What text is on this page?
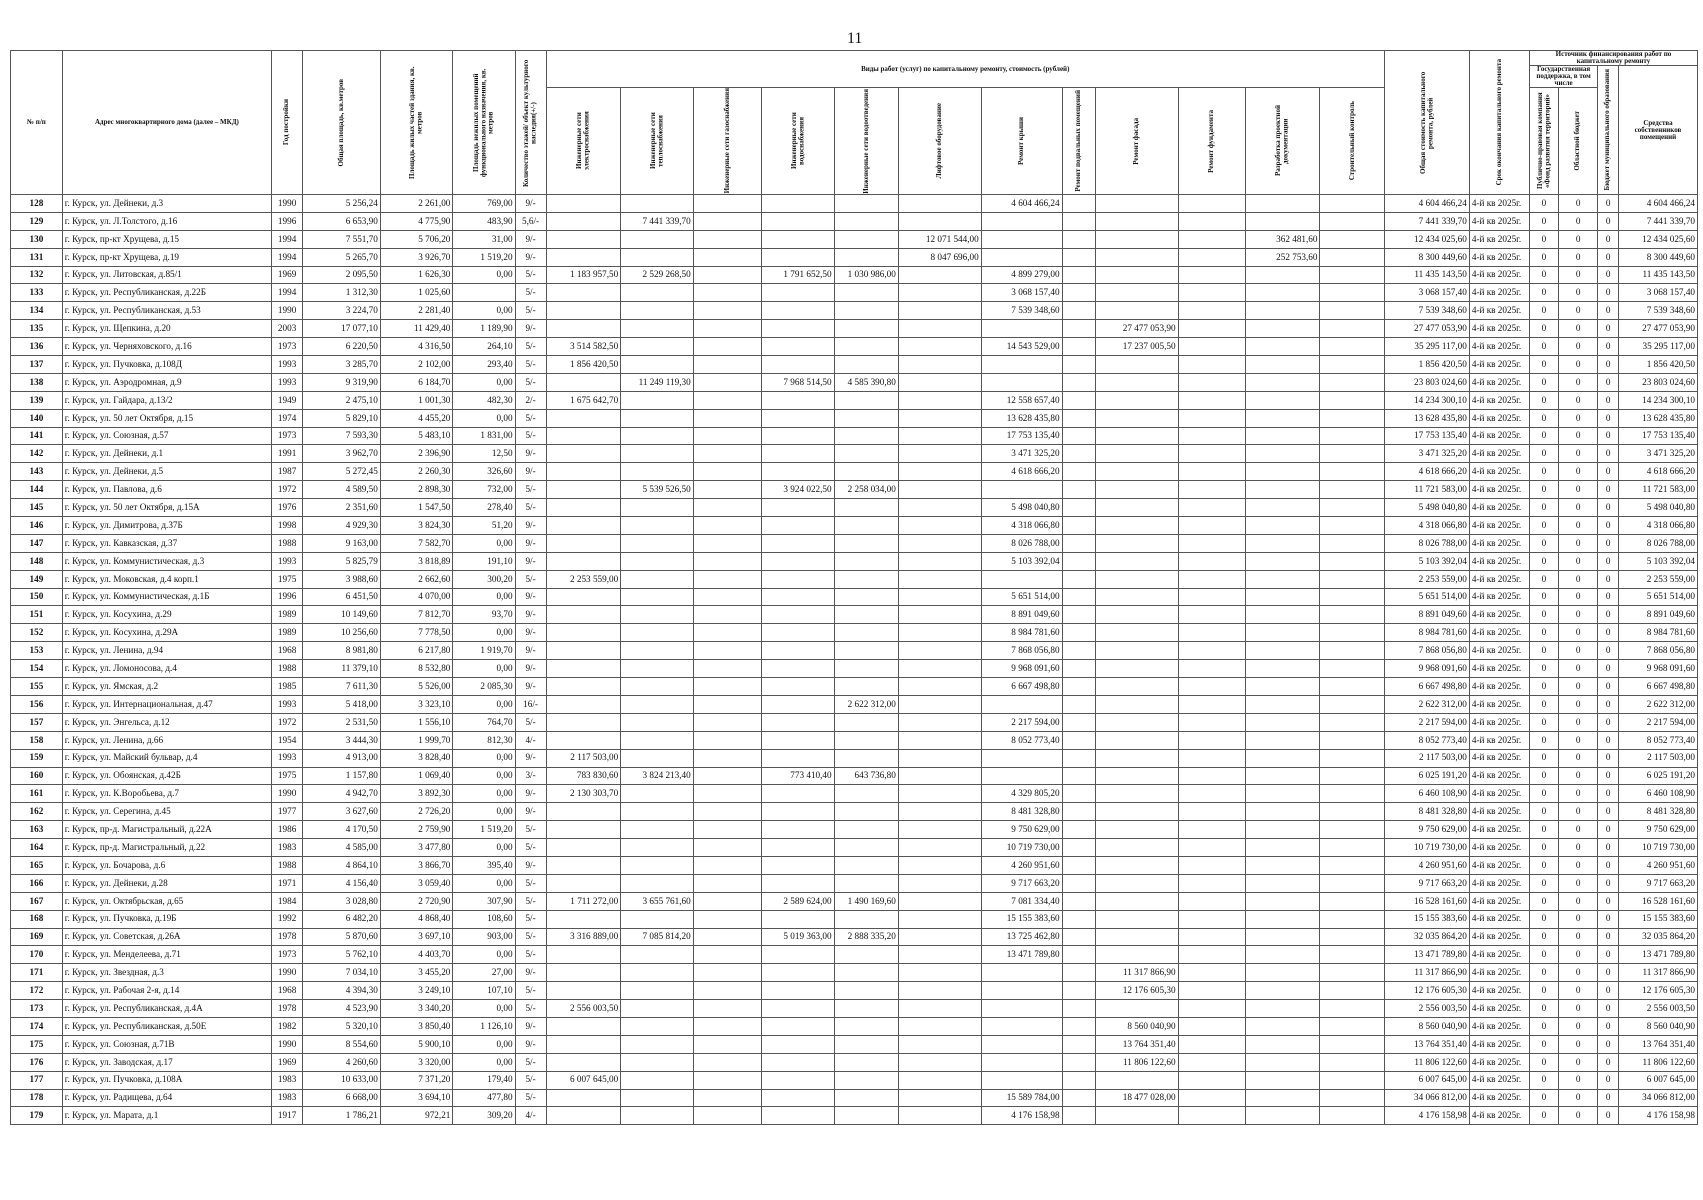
11
№ п/п	Адрес многоквартирного дома (далее – МКД)	Год постройки	Общая площадь, кв.метров	Площадь жилых частей здания, кв. метров	Площадь нежилых помещений функционального назначения, кв. метров	Количество этажей/ объект культурного наследия(+/-)	Виды работ (услуг) по капитальному ремонту, стоимость (рублей)												Общая стоимость капитального ремонта, рублей	Срок окончания капитального ремонта	Источник финансирования работ по капитальному ремонту			
																					Государственная поддержка, в том числе		Бюджет муниципального образования	Средства собственников помещений

							Инженерные сети электроснабжения	Инженерные сети теплоснабжения	Инженерные сети газоснабжения	Инженерные сети водоснабжения	Инженерные сети водоотведения	Лифтовое оборудование	Ремонт крыши	Ремонт подвальных помещений	Ремонт фасада	Ремонт фундамента	Разработка проектной документации	Строительный контроль			Публично-правовая компания «Фонд развития территорий»	Областной бюджет		

128	г. Курск, ул. Дейнеки, д.3	1990	5 256,24	2 261,00	769,00	9/-							4 604 466,24						4 604 466,24	4-й кв 2025г.	0	0	0	4 604 466,24
129	г. Курск, ул. Л.Толстого, д.16	1996	6 653,90	4 775,90	483,90	5,6/-		7 441 339,70											7 441 339,70	4-й кв 2025г.	0	0	0	7 441 339,70
130	г. Курск, пр-кт Хрущева, д.15	1994	7 551,70	5 706,20	31,00	9/-						12 071 544,00					362 481,60		12 434 025,60	4-й кв 2025г.	0	0	0	12 434 025,60
131	г. Курск, пр-кт Хрущева, д.19	1994	5 265,70	3 926,70	1 519,20	9/-						8 047 696,00					252 753,60		8 300 449,60	4-й кв 2025г.	0	0	0	8 300 449,60
132	г. Курск, ул. Литовская, д.85/1	1969	2 095,50	1 626,30	0,00	5/-	1 183 957,50	2 529 268,50		1 791 652,50	1 030 986,00		4 899 279,00						11 435 143,50	4-й кв 2025г.	0	0	0	11 435 143,50
133	г. Курск, ул. Республиканская, д.22Б	1994	1 312,30	1 025,60		5/-							3 068 157,40						3 068 157,40	4-й кв 2025г.	0	0	0	3 068 157,40
134	г. Курск, ул. Республиканская, д.53	1990	3 224,70	2 281,40	0,00	5/-							7 539 348,60						7 539 348,60	4-й кв 2025г.	0	0	0	7 539 348,60
135	г. Курск, ул. Щепкина, д.20	2003	17 077,10	11 429,40	1 189,90	9/-									27 477 053,90				27 477 053,90	4-й кв 2025г.	0	0	0	27 477 053,90
136	г. Курск, ул. Черняховского, д.16	1973	6 220,50	4 316,50	264,10	5/-	3 514 582,50						14 543 529,00		17 237 005,50				35 295 117,00	4-й кв 2025г.	0	0	0	35 295 117,00
137	г. Курск, ул. Пучковка, д.108Д	1993	3 285,70	2 102,00	293,40	5/-	1 856 420,50												1 856 420,50	4-й кв 2025г.	0	0	0	1 856 420,50
138	г. Курск, ул. Аэродромная, д.9	1993	9 319,90	6 184,70	0,00	5/-		11 249 119,30		7 968 514,50	4 585 390,80								23 803 024,60	4-й кв 2025г.	0	0	0	23 803 024,60
139	г. Курск, ул. Гайдара, д.13/2	1949	2 475,10	1 001,30	482,30	2/-	1 675 642,70						12 558 657,40						14 234 300,10	4-й кв 2025г.	0	0	0	14 234 300,10
140	г. Курск, ул. 50 лет Октября, д.15	1974	5 829,10	4 455,20	0,00	5/-							13 628 435,80						13 628 435,80	4-й кв 2025г.	0	0	0	13 628 435,80
141	г. Курск, ул. Союзная, д.57	1973	7 593,30	5 483,10	1 831,00	5/-							17 753 135,40						17 753 135,40	4-й кв 2025г.	0	0	0	17 753 135,40
142	г. Курск, ул. Дейнеки, д.1	1991	3 962,70	2 396,90	12,50	9/-							3 471 325,20						3 471 325,20	4-й кв 2025г.	0	0	0	3 471 325,20
143	г. Курск, ул. Дейнеки, д.5	1987	5 272,45	2 260,30	326,60	9/-							4 618 666,20						4 618 666,20	4-й кв 2025г.	0	0	0	4 618 666,20
144	г. Курск, ул. Павлова, д.6	1972	4 589,50	2 898,30	732,00	5/-		5 539 526,50		3 924 022,50	2 258 034,00								11 721 583,00	4-й кв 2025г.	0	0	0	11 721 583,00
145	г. Курск, ул. 50 лет Октября, д.15А	1976	2 351,60	1 547,50	278,40	5/-							5 498 040,80						5 498 040,80	4-й кв 2025г.	0	0	0	5 498 040,80
146	г. Курск, ул. Димитрова, д.37Б	1998	4 929,30	3 824,30	51,20	9/-							4 318 066,80						4 318 066,80	4-й кв 2025г.	0	0	0	4 318 066,80
147	г. Курск, ул. Кавказская, д.37	1988	9 163,00	7 582,70	0,00	9/-							8 026 788,00						8 026 788,00	4-й кв 2025г.	0	0	0	8 026 788,00
148	г. Курск, ул. Коммунистическая, д.3	1993	5 825,79	3 818,89	191,10	9/-							5 103 392,04						5 103 392,04	4-й кв 2025г.	0	0	0	5 103 392,04
149	г. Курск, ул. Моковская, д.4 корп.1	1975	3 988,60	2 662,60	300,20	5/-	2 253 559,00												2 253 559,00	4-й кв 2025г.	0	0	0	2 253 559,00
150	г. Курск, ул. Коммунистическая, д.1Б	1996	6 451,50	4 070,00	0,00	9/-							5 651 514,00						5 651 514,00	4-й кв 2025г.	0	0	0	5 651 514,00
151	г. Курск, ул. Косухина, д.29	1989	10 149,60	7 812,70	93,70	9/-							8 891 049,60						8 891 049,60	4-й кв 2025г.	0	0	0	8 891 049,60
152	г. Курск, ул. Косухина, д.29А	1989	10 256,60	7 778,50	0,00	9/-							8 984 781,60						8 984 781,60	4-й кв 2025г.	0	0	0	8 984 781,60
153	г. Курск, ул. Ленина, д.94	1968	8 981,80	6 217,80	1 919,70	9/-							7 868 056,80						7 868 056,80	4-й кв 2025г.	0	0	0	7 868 056,80
154	г. Курск, ул. Ломоносова, д.4	1988	11 379,10	8 532,80	0,00	9/-							9 968 091,60						9 968 091,60	4-й кв 2025г.	0	0	0	9 968 091,60
155	г. Курск, ул. Ямская, д.2	1985	7 611,30	5 526,00	2 085,30	9/-							6 667 498,80						6 667 498,80	4-й кв 2025г.	0	0	0	6 667 498,80
156	г. Курск, ул. Интернациональная, д.47	1993	5 418,00	3 323,10	0,00	16/-					2 622 312,00								2 622 312,00	4-й кв 2025г.	0	0	0	2 622 312,00
157	г. Курск, ул. Энгельса, д.12	1972	2 531,50	1 556,10	764,70	5/-							2 217 594,00						2 217 594,00	4-й кв 2025г.	0	0	0	2 217 594,00
158	г. Курск, ул. Ленина, д.66	1954	3 444,30	1 999,70	812,30	4/-							8 052 773,40						8 052 773,40	4-й кв 2025г.	0	0	0	8 052 773,40
159	г. Курск, ул. Майский бульвар, д.4	1993	4 913,00	3 828,40	0,00	9/-	2 117 503,00												2 117 503,00	4-й кв 2025г.	0	0	0	2 117 503,00
160	г. Курск, ул. Обоянская, д.42Б	1975	1 157,80	1 069,40	0,00	3/-	783 830,60	3 824 213,40		773 410,40	643 736,80								6 025 191,20	4-й кв 2025г.	0	0	0	6 025 191,20
161	г. Курск, ул. К.Воробьева, д.7	1990	4 942,70	3 892,30	0,00	9/-	2 130 303,70						4 329 805,20						6 460 108,90	4-й кв 2025г.	0	0	0	6 460 108,90
162	г. Курск, ул. Серегина, д.45	1977	3 627,60	2 726,20	0,00	9/-							8 481 328,80						8 481 328,80	4-й кв 2025г.	0	0	0	8 481 328,80
163	г. Курск, пр-д. Магистральный, д.22А	1986	4 170,50	2 759,90	1 519,20	5/-							9 750 629,00						9 750 629,00	4-й кв 2025г.	0	0	0	9 750 629,00
164	г. Курск, пр-д. Магистральный, д.22	1983	4 585,00	3 477,80	0,00	5/-							10 719 730,00						10 719 730,00	4-й кв 2025г.	0	0	0	10 719 730,00
165	г. Курск, ул. Бочарова, д.6	1988	4 864,10	3 866,70	395,40	9/-							4 260 951,60						4 260 951,60	4-й кв 2025г.	0	0	0	4 260 951,60
166	г. Курск, ул. Дейнеки, д.28	1971	4 156,40	3 059,40	0,00	5/-							9 717 663,20						9 717 663,20	4-й кв 2025г.	0	0	0	9 717 663,20
167	г. Курск, ул. Октябрьская, д.65	1984	3 028,80	2 720,90	307,90	5/-	1 711 272,00	3 655 761,60		2 589 624,00	1 490 169,60		7 081 334,40						16 528 161,60	4-й кв 2025г.	0	0	0	16 528 161,60
168	г. Курск, ул. Пучковка, д.19Б	1992	6 482,20	4 868,40	108,60	5/-							15 155 383,60						15 155 383,60	4-й кв 2025г.	0	0	0	15 155 383,60
169	г. Курск, ул. Советская, д.26А	1978	5 870,60	3 697,10	903,00	5/-	3 316 889,00	7 085 814,20		5 019 363,00	2 888 335,20		13 725 462,80						32 035 864,20	4-й кв 2025г.	0	0	0	32 035 864,20
170	г. Курск, ул. Менделеева, д.71	1973	5 762,10	4 403,70	0,00	5/-							13 471 789,80						13 471 789,80	4-й кв 2025г.	0	0	0	13 471 789,80
171	г. Курск, ул. Звездная, д.3	1990	7 034,10	3 455,20	27,00	9/-									11 317 866,90				11 317 866,90	4-й кв 2025г.	0	0	0	11 317 866,90
172	г. Курск, ул. Рабочая 2-я, д.14	1968	4 394,30	3 249,10	107,10	5/-									12 176 605,30				12 176 605,30	4-й кв 2025г.	0	0	0	12 176 605,30
173	г. Курск, ул. Республиканская, д.4А	1978	4 523,90	3 340,20	0,00	5/-	2 556 003,50												2 556 003,50	4-й кв 2025г.	0	0	0	2 556 003,50
174	г. Курск, ул. Республиканская, д.50Е	1982	5 320,10	3 850,40	1 126,10	9/-									8 560 040,90				8 560 040,90	4-й кв 2025г.	0	0	0	8 560 040,90
175	г. Курск, ул. Союзная, д.71В	1990	8 554,60	5 900,10	0,00	9/-									13 764 351,40				13 764 351,40	4-й кв 2025г.	0	0	0	13 764 351,40
176	г. Курск, ул. Заводская, д.17	1969	4 260,60	3 320,00	0,00	5/-									11 806 122,60				11 806 122,60	4-й кв 2025г.	0	0	0	11 806 122,60
177	г. Курск, ул. Пучковка, д.108А	1983	10 633,00	7 371,20	179,40	5/-	6 007 645,00												6 007 645,00	4-й кв 2025г.	0	0	0	6 007 645,00
178	г. Курск, ул. Радищева, д.64	1983	6 668,00	3 694,10	477,80	5/-							15 589 784,00		18 477 028,00				34 066 812,00	4-й кв 2025г.	0	0	0	34 066 812,00
179	г. Курск, ул. Марата, д.1	1917	1 786,21	972,21	309,20	4/-							4 176 158,98						4 176 158,98	4-й кв 2025г.	0	0	0	4 176 158,98
